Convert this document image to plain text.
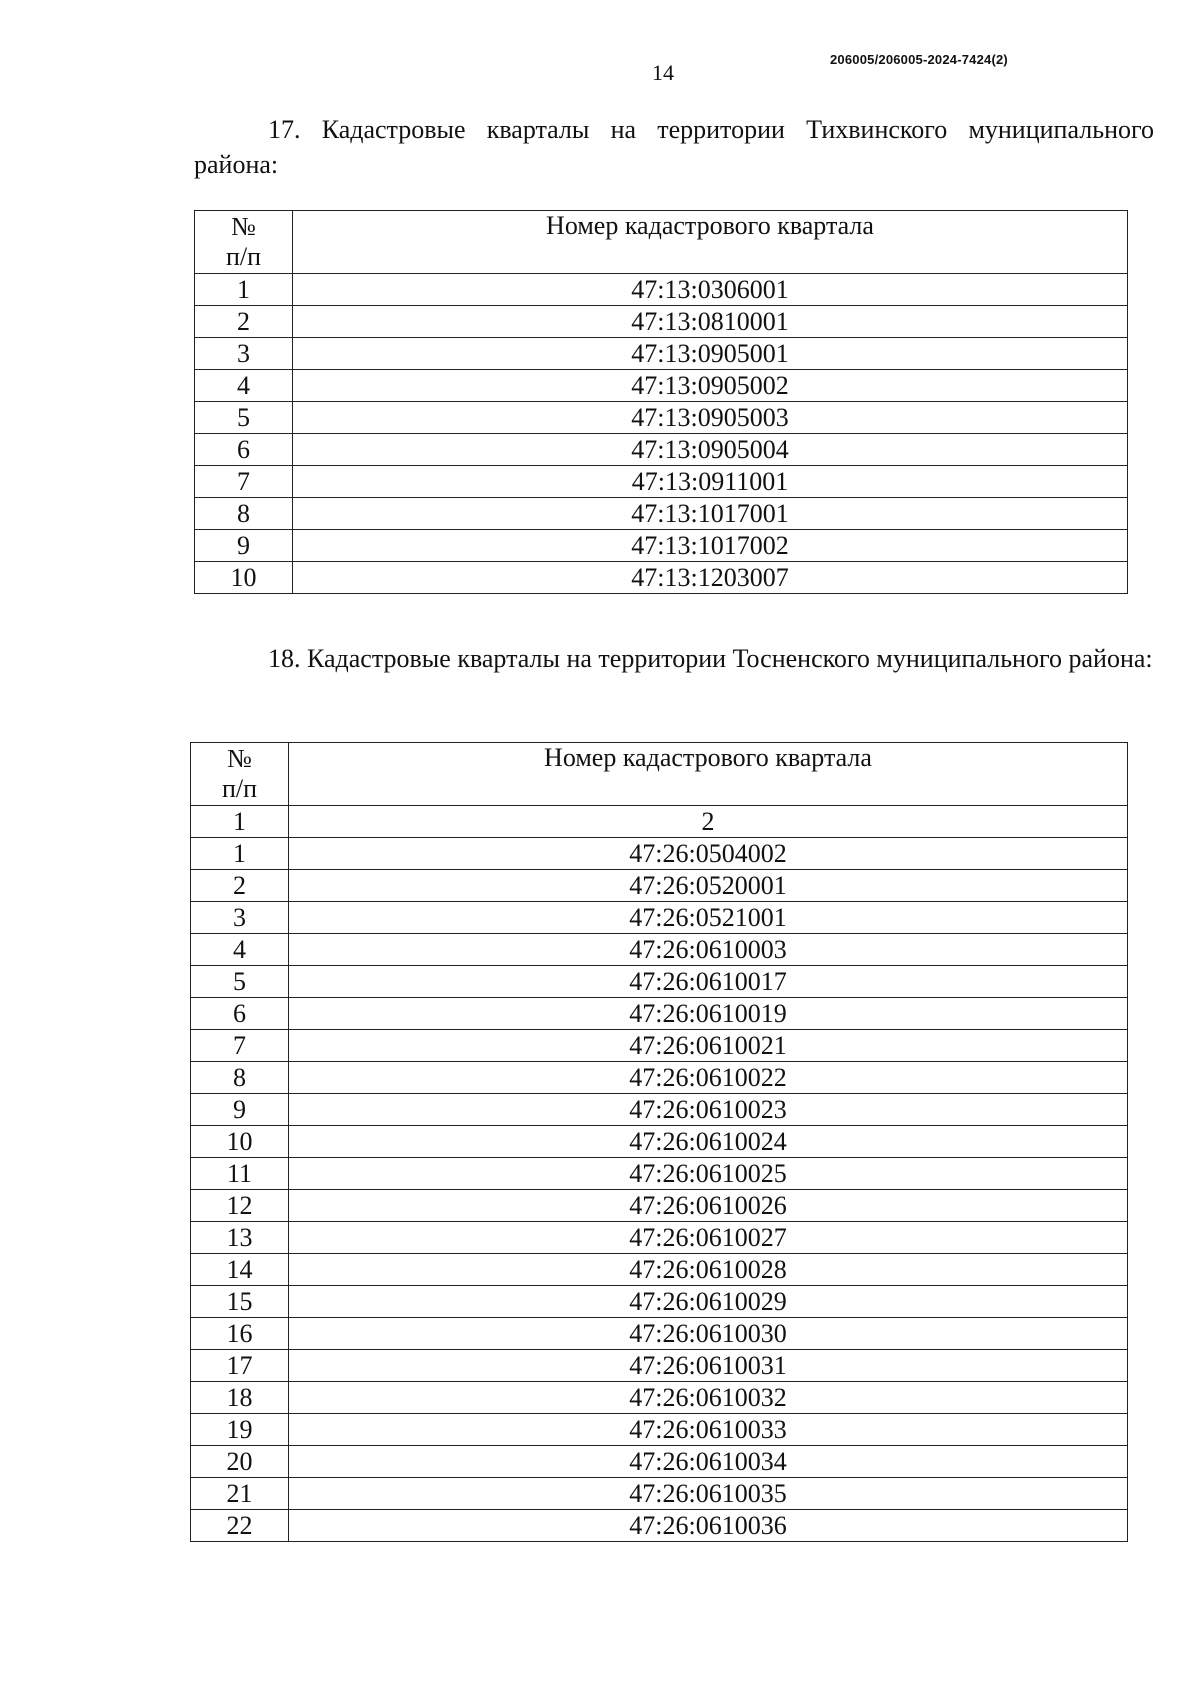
206005/206005-2024-7424(2)
14

17. Кадастровые кварталы на территории Тихвинского муниципального района:

№
п/п	Номер кадастрового квартала
1	47:13:0306001
2	47:13:0810001
3	47:13:0905001
4	47:13:0905002
5	47:13:0905003
6	47:13:0905004
7	47:13:0911001
8	47:13:1017001
9	47:13:1017002
10	47:13:1203007

18. Кадастровые кварталы на территории Тосненского муниципального района:

№
п/п	Номер кадастрового квартала
1	2
1	47:26:0504002
2	47:26:0520001
3	47:26:0521001
4	47:26:0610003
5	47:26:0610017
6	47:26:0610019
7	47:26:0610021
8	47:26:0610022
9	47:26:0610023
10	47:26:0610024
11	47:26:0610025
12	47:26:0610026
13	47:26:0610027
14	47:26:0610028
15	47:26:0610029
16	47:26:0610030
17	47:26:0610031
18	47:26:0610032
19	47:26:0610033
20	47:26:0610034
21	47:26:0610035
22	47:26:0610036
